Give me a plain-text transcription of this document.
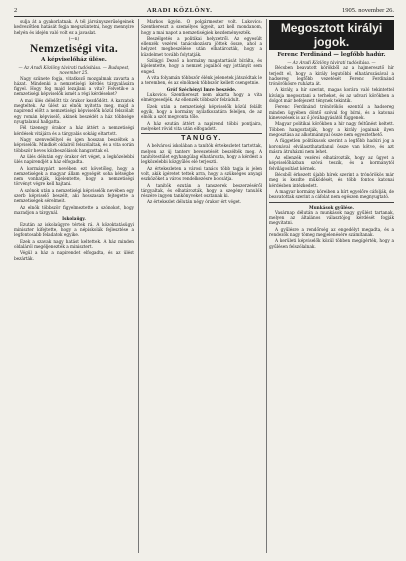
2	ARADI KÖZLÖNY.	1905. november 26.

sulja át a gyakorlatnak. A tél járványszerűségeinek kedvezőtlen hatását fogja megszüntetni, hogy mennyire helyén és idején való volt ez a javaslat.

(—n)
Nemzetiségi vita.
A képviselőház ülése.
— Az Aradi Közlöny távirati tudósítása. — Budapest, november 25.

Nagy szünete fogja, vitatkoző mozgalmak zavarta a házat. Mindenki a nemzetiségi kérdés tárgyalására figyel. Hogy fog majd lezajlani a vita? Felvetik-e a nemzetiségi képviselők ismét a régi kérdéseket?

A mai ülés délelőtt tíz órakor kezdődött. A karzatok megteltek. Az ülést az elnök nyitotta meg, majd a napirend előtt a nemzetiségi képviselők közül felszólalt egy román képviselő, akinek beszédét a ház többsége nyugtalanul hallgatta.

Fél tizenegy órakor a ház áttért a nemzetiségi kérdések vitájára és a tárgyalás sokáig eltartott.

Nagy szenvedéllyel és igen hosszan beszéltek a képviselők. Mindkét oldalról felszólaltak, és a vita során többször heves közbeszólások hangzottak el.

Az ülés délután egy órakor ért véget, a legközelebbi ülés napirendjét a ház elfogadta.

A kormánypárt nevében ezt követőleg, hogy a nemzetiségek a magyar állam egységét soha kétségbe nem vonhatják, kijelentette, hogy a nemzetiségi törvényt végre kell hajtani.

A szónok után a nemzetiségi képviselők nevében egy szerb képviselő beszélt, aki hosszasan fejtegette a nemzetiségek sérelmeit.

Az elnök többször figyelmeztette a szónokot, hogy maradjon a tárgynál.

Iskolaügy.

Ezután az iskolaügyre tértek rá. A közoktatásügyi miniszter kifejtette, hogy a népiskolák fejlesztése a legfontosabb feladatok egyike.

Ezek a szavak nagy hatást keltettek. A ház minden oldaláról megéljenezték a minisztert.

Végül a ház a napirendet elfogadta, és az ülést bezárták.

Markos ügyén. Ő polgármester volt. Lukovics: Szentkereszt a személyes ügyeit, azt kell mondanom, hogy a mai napot a nemzetiségiek kezdeményezték.

Beszélgetés a politikai helyzetről. Az egyesült ellenzék vezérei tanácskozásra jöttek össze, ahol a helyzet megbeszélése után elhatározták, hogy a küzdelmet tovább folytatják.

Szilágyi Dezső a kormány magatartását bírálta, és kijelentette, hogy a nemzet jogaiból egy jottányit sem enged.

A vita folyamán többször élénk jelenetek játszódtak le a teremben, és az elnöknek többször kellett csengetnie.

Gróf Széchényi Imre beszéde.

Lukovics: Szentkereszt nem akarta hogy a vita elmérgesedjék. Az ellenzék többször felzúdult.

Ezek után a nemzetiségi képviselők közül felállt egyik, hogy a kormány nyilatkozatára feleljen, de az elnök a szót megvonta tőle.

A ház ezután áttért a napirend többi pontjaira, melyeket rövid vita után elfogadott.

TANÜGY.

A belvárosi iskolában a tanítók értekezletet tartottak, melyen az új tanterv bevezetését beszélték meg. A tanítótestület egyhangúlag elhatározta, hogy a kérdést a legközelebbi közgyűlés elé terjeszti.

Az értekezleten a városi tanács több tagja is jelen volt, akik ígéretet tettek arra, hogy a szükséges anyagi eszközöket a város rendelkezésre bocsátja.

A tanítók ezután a tanszerek beszerzéséről tárgyaltak, és elhatározták, hogy a szegény tanulók részére ingyen tankönyveket osztanak ki.

Az értekezlet délután négy órakor ért véget.

Megosztott királyi jogok.
Ferenc Ferdinánd — legfőbb hadúr.
— Az Aradi Közlöny távirati tudósítása. —

Bécsben beavatott körökből az a hajmeresztő hír terjedt el, hogy a király legutóbbi elhatározásával a hadsereg legfőbb vezetését Ferenc Ferdinánd trónörökösre ruházta át.

A király, a hír szerint, magas korára való tekintettel kívánja megosztani a terheket, és az udvari körökben a dolgot már befejezett ténynek tekintik.

Ferenc Ferdinánd trónörökös ezentúl a hadsereg minden ügyében döntő szóval fog bírni, és a katonai kinevezések is az ő jóváhagyásától függenek.

Magyar politikai körökben a hír nagy feltűnést keltett. Többen hangoztatják, hogy a király jogainak ilyen megosztása az alkotmánnyal össze nem egyeztethető.

A független politikusok szerint a legfőbb hadúri jog a koronával elválaszthatatlanul össze van kötve, és azt másra átruházni nem lehet.

Az ellenzék vezérei elhatározták, hogy az ügyet a képviselőházban szóvá teszik, és a kormánytól felvilágosítást kérnek.

Bécsből érkezett újabb hírek szerint a trónörökös már meg is kezdte működését, és több fontos katonai kérdésben intézkedett.

A magyar kormány köreiben a hírt egyelőre cáfolják, de beavatottak szerint a cáfolat nem egészen megnyugtató.

Munkások gyűlése.

Vasárnap délután a munkások nagy gyűlést tartanak, melyen az általános választójog kérdését fogják megvitatni.

A gyűlésre a rendőrség az engedélyt megadta, és a rendezők nagy tömeg megjelenésére számítanak.

A kerületi képviselők közül többen megígérték, hogy a gyűlésen felszólalnak.
